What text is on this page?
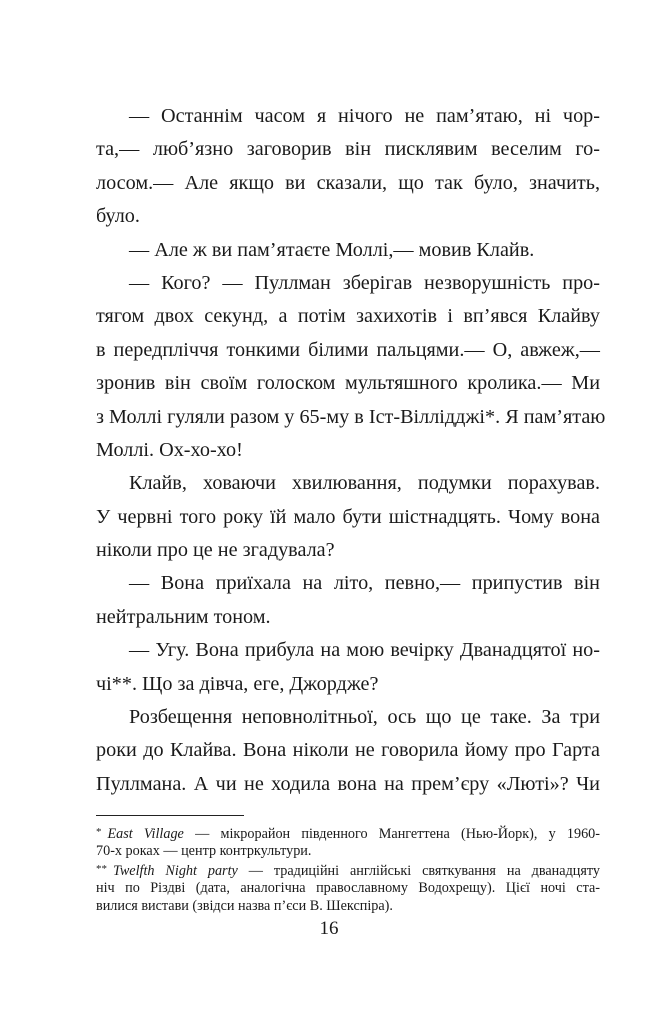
— Останнім часом я нічого не пам’ятаю, ні чор-
та,— люб’язно заговорив він писклявим веселим го-
лосом.— Але якщо ви сказали, що так було, значить,
було.
— Але ж ви пам’ятаєте Моллі,— мовив Клайв.
— Кого? — Пуллман зберігав незворушність про-
тягом двох секунд, а потім захихотів і вп’явся Клайву
в передпліччя тонкими білими пальцями.— О, авжеж,—
зронив він своїм голоском мультяшного кролика.— Ми
з Моллі гуляли разом у 65-му в Іст-Віллідджі*. Я пам’ятаю
Моллі. Ох-хо-хо!
Клайв, ховаючи хвилювання, подумки порахував.
У червні того року їй мало бути шістнадцять. Чому вона
ніколи про це не згадувала?
— Вона приїхала на літо, певно,— припустив він
нейтральним тоном.
— Угу. Вона прибула на мою вечірку Дванадцятої но-
чі**. Що за дівча, еге, Джордже?
Розбещення неповнолітньої, ось що це таке. За три
роки до Клайва. Вона ніколи не говорила йому про Гарта
Пуллмана. А чи не ходила вона на прем’єру «Люті»? Чи
* East Village — мікрорайон південного Мангеттена (Нью-Йорк), у 1960-
70-х роках — центр контркультури.
** Twelfth Night party — традиційні англійські святкування на дванадцяту
ніч по Різдві (дата, аналогічна православному Водохрещу). Цієї ночі ста-
вилися вистави (звідси назва п’єси В. Шекспіра).
16
